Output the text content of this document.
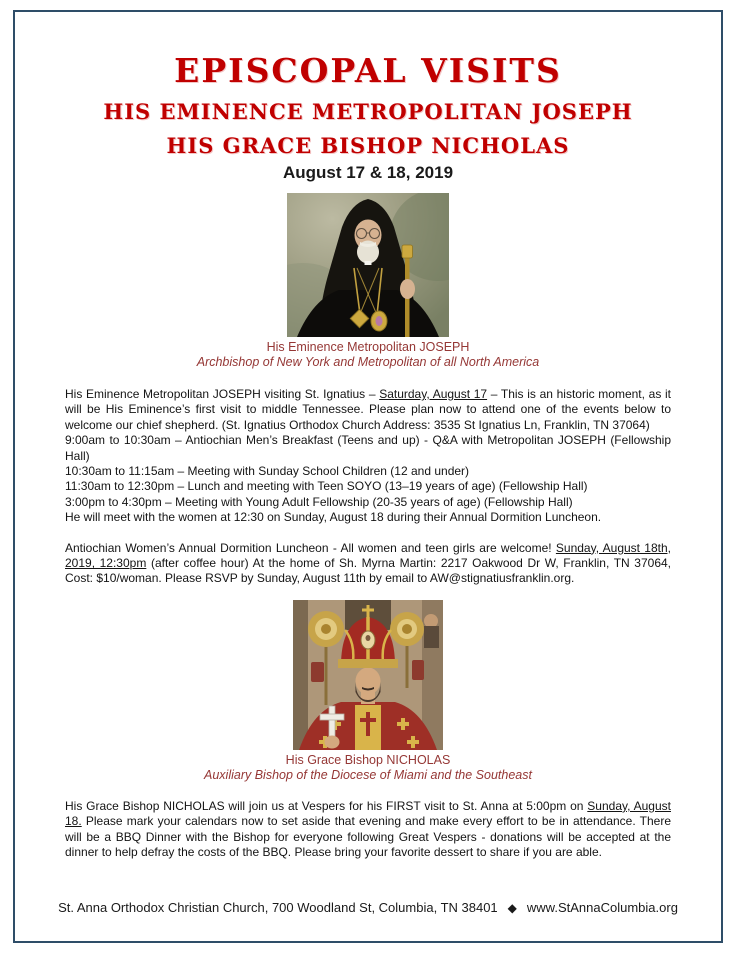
EPISCOPAL VISITS
HIS EMINENCE METROPOLITAN JOSEPH
HIS GRACE BISHOP NICHOLAS
August 17 & 18, 2019
His Eminence Metropolitan JOSEPH
Archbishop of New York and Metropolitan of all North America
His Eminence Metropolitan JOSEPH visiting St. Ignatius – Saturday, August 17 – This is an historic moment, as it will be His Eminence’s first visit to middle Tennessee. Please plan now to attend one of the events below to welcome our chief shepherd. (St. Ignatius Orthodox Church Address: 3535 St Ignatius Ln, Franklin, TN 37064)
9:00am to 10:30am – Antiochian Men’s Breakfast (Teens and up) - Q&A with Metropolitan JOSEPH (Fellowship Hall)
10:30am to 11:15am – Meeting with Sunday School Children (12 and under)
11:30am to 12:30pm – Lunch and meeting with Teen SOYO (13–19 years of age) (Fellowship Hall)
3:00pm to 4:30pm – Meeting with Young Adult Fellowship (20-35 years of age) (Fellowship Hall)
He will meet with the women at 12:30 on Sunday, August 18 during their Annual Dormition Luncheon.
Antiochian Women’s Annual Dormition Luncheon - All women and teen girls are welcome! Sunday, August 18th, 2019, 12:30pm (after coffee hour) At the home of Sh. Myrna Martin: 2217 Oakwood Dr W, Franklin, TN 37064, Cost: $10/woman. Please RSVP by Sunday, August 11th by email to AW@stignatiusfranklin.org.
His Grace Bishop NICHOLAS
Auxiliary Bishop of the Diocese of Miami and the Southeast
His Grace Bishop NICHOLAS will join us at Vespers for his FIRST visit to St. Anna at 5:00pm on Sunday, August 18. Please mark your calendars now to set aside that evening and make every effort to be in attendance. There will be a BBQ Dinner with the Bishop for everyone following Great Vespers - donations will be accepted at the dinner to help defray the costs of the BBQ. Please bring your favorite dessert to share if you are able.
St. Anna Orthodox Christian Church, 700 Woodland St, Columbia, TN 38401 ◆ www.StAnnaColumbia.org
